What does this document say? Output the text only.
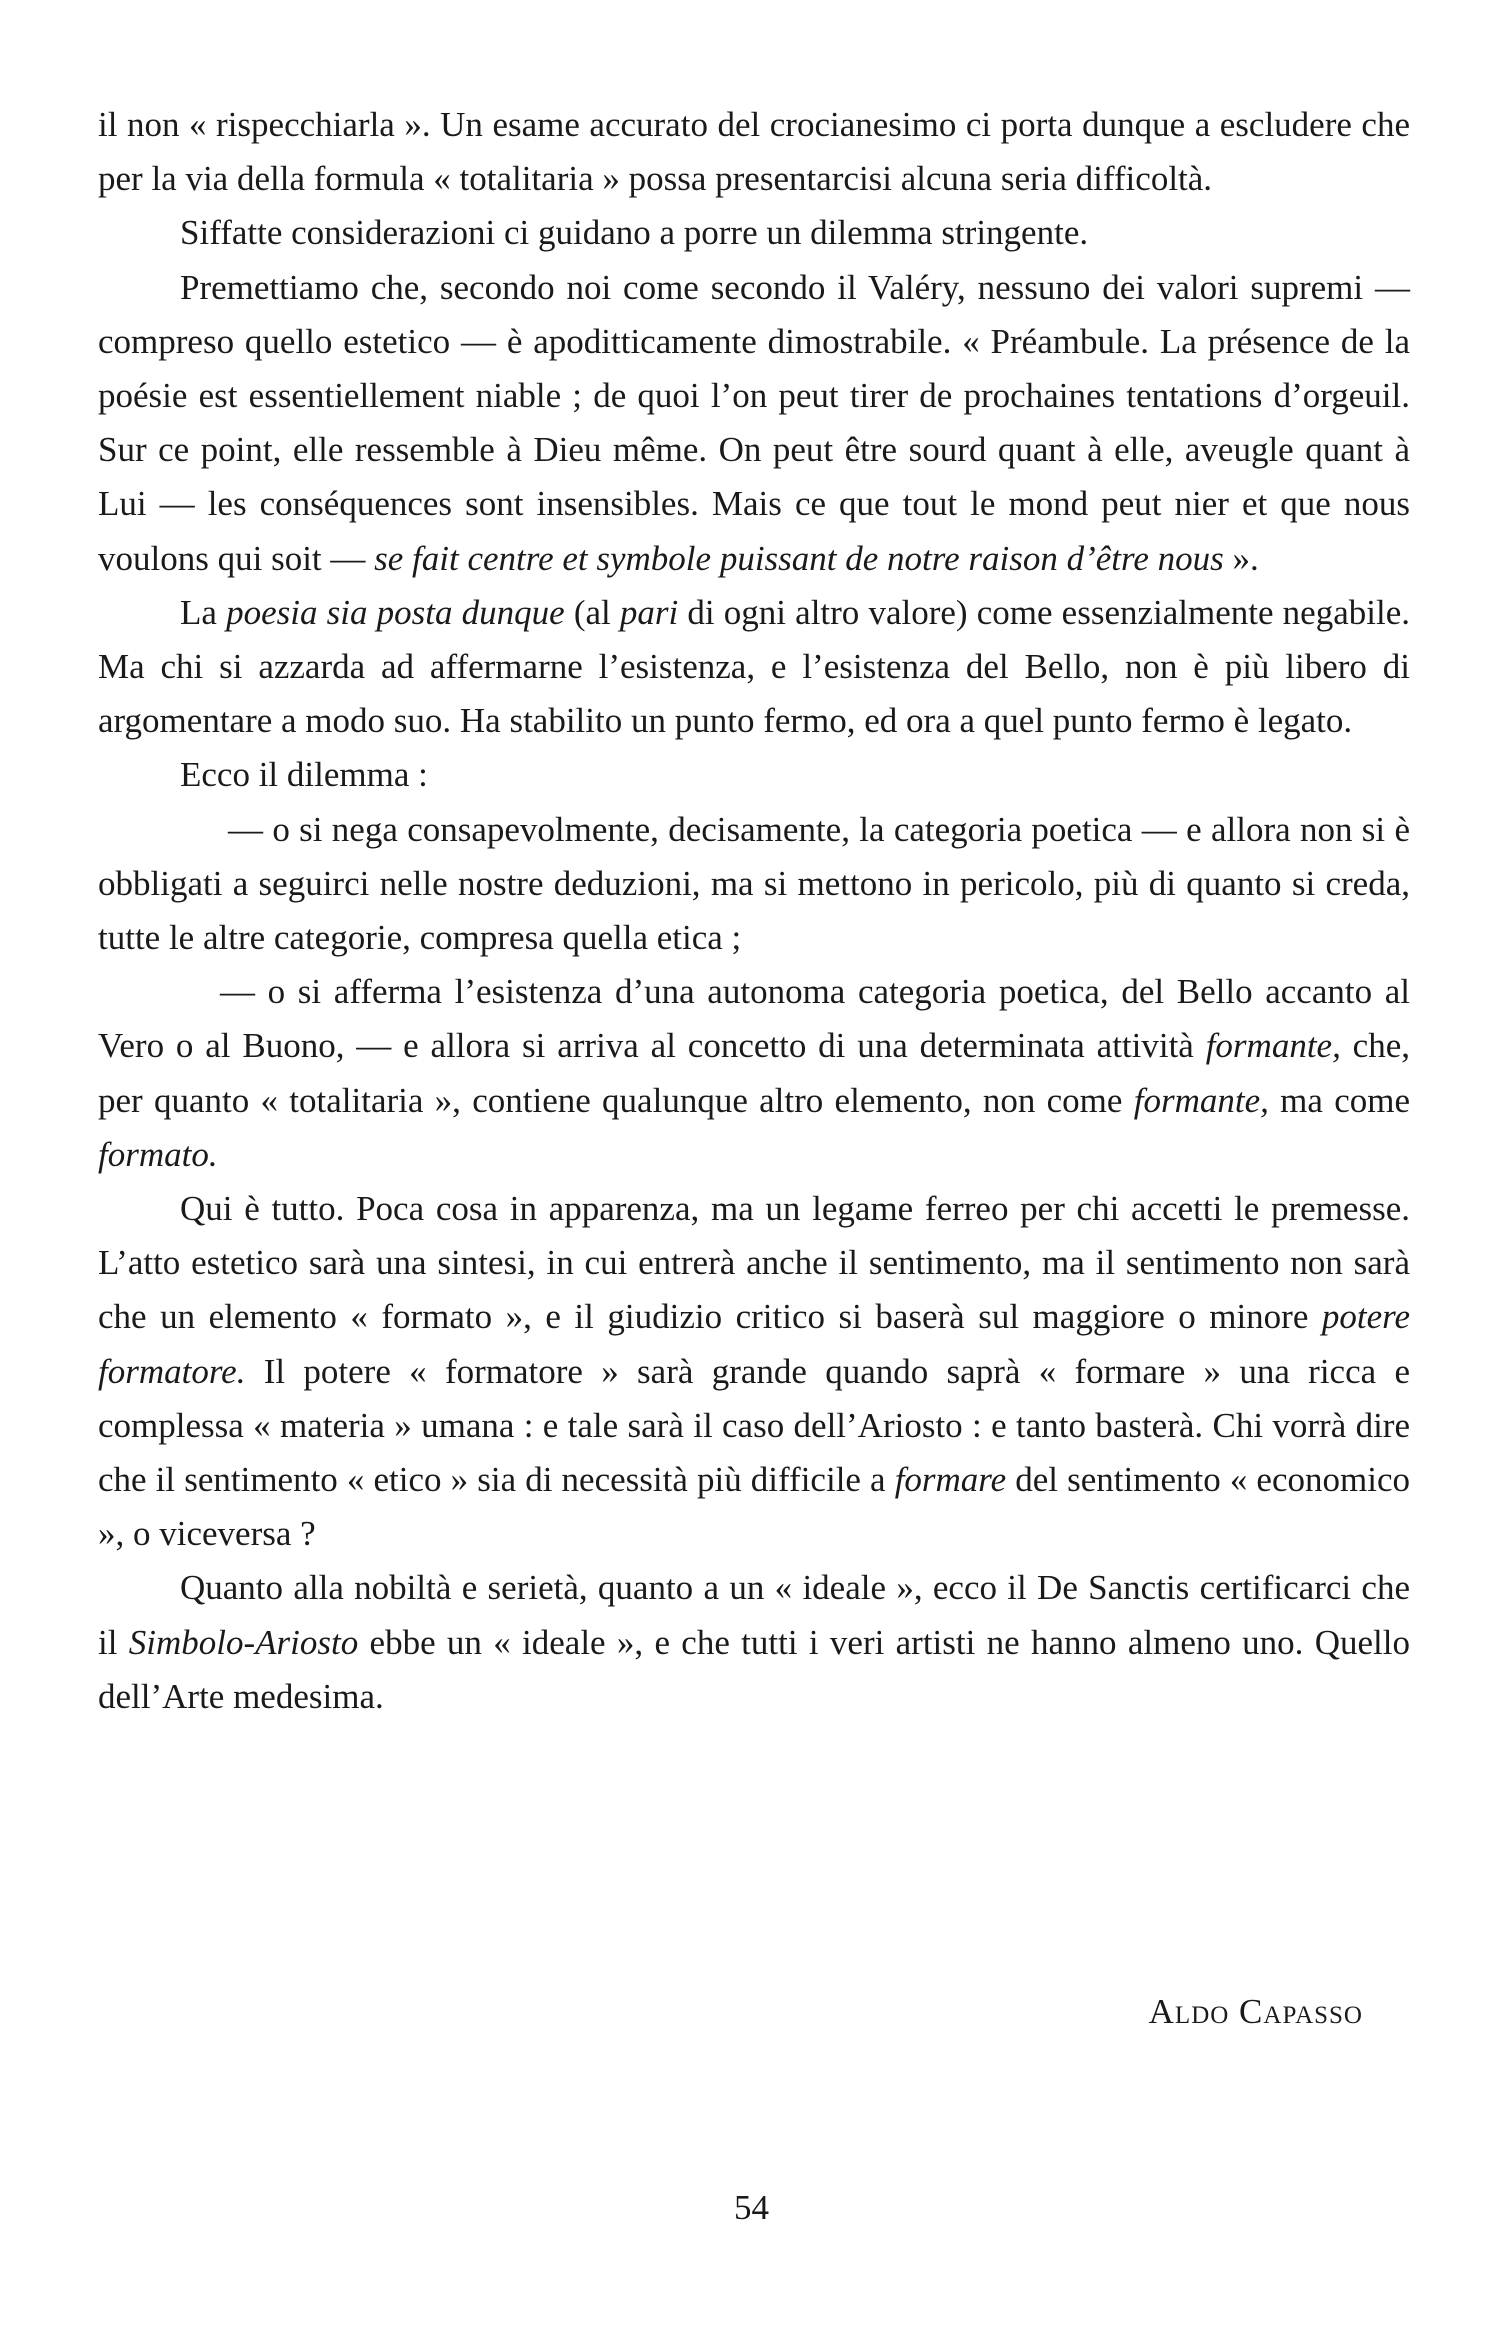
il non « rispecchiarla ». Un esame accurato del crocianesimo ci porta dunque a escludere che per la via della formula « totalitaria » possa presentarcisi alcuna seria difficoltà.

Siffatte considerazioni ci guidano a porre un dilemma stringente.

Premettiamo che, secondo noi come secondo il Valéry, nessuno dei valori supremi — compreso quello estetico — è apoditticamente dimostrabile. « Préambule. La présence de la poésie est essentiellement niable ; de quoi l’on peut tirer de prochaines tentations d’orgeuil. Sur ce point, elle ressemble à Dieu même. On peut être sourd quant à elle, aveugle quant à Lui — les conséquences sont insensibles. Mais ce que tout le mond peut nier et que nous voulons qui soit — se fait centre et symbole puissant de notre raison d’être nous ».

La poesia sia posta dunque (al pari di ogni altro valore) come essenzialmente negabile. Ma chi si azzarda ad affermarne l’esistenza, e l’esistenza del Bello, non è più libero di argomentare a modo suo. Ha stabilito un punto fermo, ed ora a quel punto fermo è legato.

Ecco il dilemma :

— o si nega consapevolmente, decisamente, la categoria poetica — e allora non si è obbligati a seguirci nelle nostre deduzioni, ma si mettono in pericolo, più di quanto si creda, tutte le altre categorie, compresa quella etica ;

— o si afferma l’esistenza d’una autonoma categoria poetica, del Bello accanto al Vero o al Buono, — e allora si arriva al concetto di una determinata attività formante, che, per quanto « totalitaria », contiene qualunque altro elemento, non come formante, ma come formato.

Qui è tutto. Poca cosa in apparenza, ma un legame ferreo per chi accetti le premesse. L’atto estetico sarà una sintesi, in cui entrerà anche il sentimento, ma il sentimento non sarà che un elemento « formato », e il giudizio critico si baserà sul maggiore o minore potere formatore. Il potere « formatore » sarà grande quando saprà « formare » una ricca e complessa « materia » umana : e tale sarà il caso dell’Ariosto : e tanto basterà. Chi vorrà dire che il sentimento « etico » sia di necessità più difficile a formare del sentimento « economico », o viceversa ?

Quanto alla nobiltà e serietà, quanto a un « ideale », ecco il De Sanctis certificarci che il Simbolo-Ariosto ebbe un « ideale », e che tutti i veri artisti ne hanno almeno uno. Quello dell’Arte medesima.

Aldo Capasso
54
